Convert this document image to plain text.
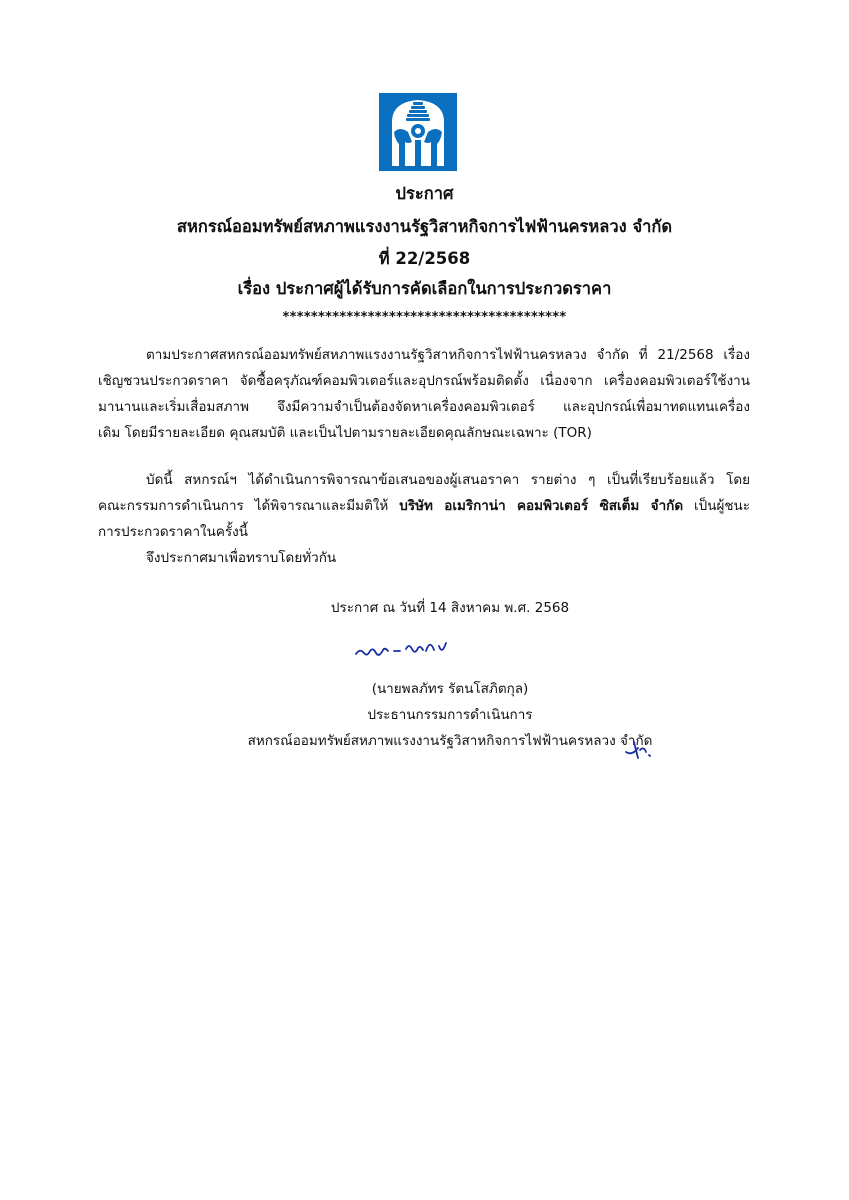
ประกาศ
สหกรณ์ออมทรัพย์สหภาพแรงงานรัฐวิสาหกิจการไฟฟ้านครหลวง จำกัด
ที่ 22/2568
เรื่อง ประกาศผู้ได้รับการคัดเลือกในการประกวดราคา
****************************************
ตามประกาศสหกรณ์ออมทรัพย์สหภาพแรงงานรัฐวิสาหกิจการไฟฟ้านครหลวง จำกัด ที่ 21/2568 เรื่อง
เชิญชวนประกวดราคา จัดซื้อครุภัณฑ์คอมพิวเตอร์และอุปกรณ์พร้อมติดตั้ง เนื่องจาก เครื่องคอมพิวเตอร์ใช้งาน
มานานและเริ่มเสื่อมสภาพ จึงมีความจำเป็นต้องจัดหาเครื่องคอมพิวเตอร์ และอุปกรณ์เพื่อมาทดแทนเครื่อง
เดิม โดยมีรายละเอียด คุณสมบัติ และเป็นไปตามรายละเอียดคุณลักษณะเฉพาะ (TOR)
บัดนี้ สหกรณ์ฯ ได้ดำเนินการพิจารณาข้อเสนอของผู้เสนอราคา รายต่าง ๆ เป็นที่เรียบร้อยแล้ว โดย
คณะกรรมการดำเนินการ ได้พิจารณาและมีมติให้ บริษัท อเมริกาน่า คอมพิวเตอร์ ซิสเต็ม จำกัด เป็นผู้ชนะ
การประกวดราคาในครั้งนี้
จึงประกาศมาเพื่อทราบโดยทั่วกัน
ประกาศ ณ วันที่ 14 สิงหาคม พ.ศ. 2568
(นายพลภัทร รัตนโสภิตกุล)
ประธานกรรมการดำเนินการ
สหกรณ์ออมทรัพย์สหภาพแรงงานรัฐวิสาหกิจการไฟฟ้านครหลวง จำกัด
